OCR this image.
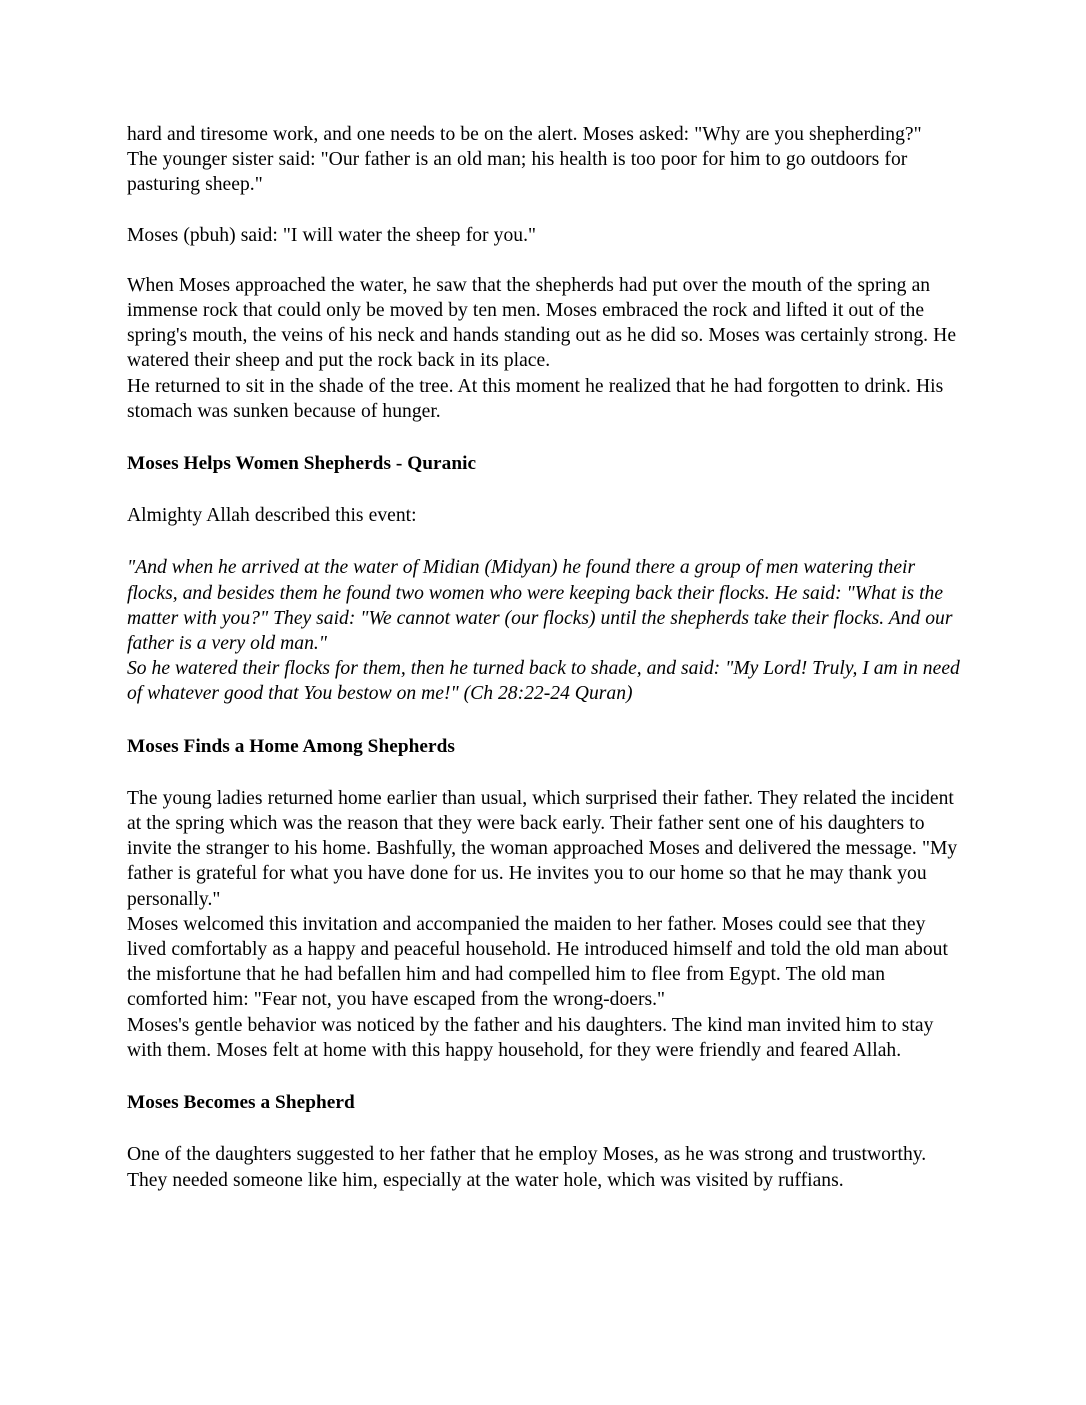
hard and tiresome work, and one needs to be on the alert. Moses asked: "Why are you shepherding?"

The younger sister said: "Our father is an old man; his health is too poor for him to go outdoors for pasturing sheep."

Moses (pbuh) said: "I will water the sheep for you."

When Moses approached the water, he saw that the shepherds had put over the mouth of the spring an immense rock that could only be moved by ten men. Moses embraced the rock and lifted it out of the spring's mouth, the veins of his neck and hands standing out as he did so. Moses was certainly strong. He watered their sheep and put the rock back in its place.

He returned to sit in the shade of the tree. At this moment he realized that he had forgotten to drink. His stomach was sunken because of hunger.

Moses Helps Women Shepherds - Quranic

Almighty Allah described this event:

"And when he arrived at the water of Midian (Midyan) he found there a group of men watering their flocks, and besides them he found two women who were keeping back their flocks. He said: "What is the matter with you?" They said: "We cannot water (our flocks) until the shepherds take their flocks. And our father is a very old man."

So he watered their flocks for them, then he turned back to shade, and said: "My Lord! Truly, I am in need of whatever good that You bestow on me!" (Ch 28:22-24 Quran)

Moses Finds a Home Among Shepherds

The young ladies returned home earlier than usual, which surprised their father. They related the incident at the spring which was the reason that they were back early. Their father sent one of his daughters to invite the stranger to his home. Bashfully, the woman approached Moses and delivered the message. "My father is grateful for what you have done for us. He invites you to our home so that he may thank you personally."

Moses welcomed this invitation and accompanied the maiden to her father. Moses could see that they lived comfortably as a happy and peaceful household. He introduced himself and told the old man about the misfortune that he had befallen him and had compelled him to flee from Egypt. The old man comforted him: "Fear not, you have escaped from the wrong-doers."

Moses's gentle behavior was noticed by the father and his daughters. The kind man invited him to stay with them. Moses felt at home with this happy household, for they were friendly and feared Allah.

Moses Becomes a Shepherd

One of the daughters suggested to her father that he employ Moses, as he was strong and trustworthy. They needed someone like him, especially at the water hole, which was visited by ruffians.
